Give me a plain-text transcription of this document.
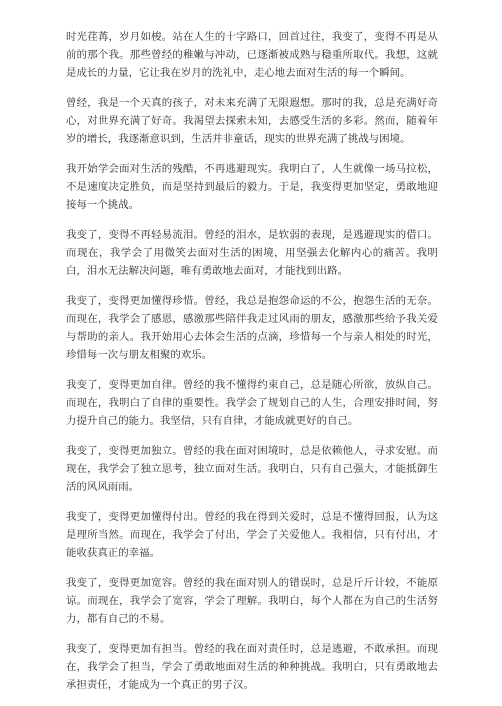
时光荏苒，岁月如梭。站在人生的十字路口，回首过往，我变了，变得不再是从前的那个我。那些曾经的稚嫩与冲动，已逐渐被成熟与稳重所取代。我想，这就是成长的力量，它让我在岁月的洗礼中，走心地去面对生活的每一个瞬间。

曾经，我是一个天真的孩子，对未来充满了无限遐想。那时的我，总是充满好奇心，对世界充满了好奇。我渴望去探索未知，去感受生活的多彩。然而，随着年岁的增长，我逐渐意识到，生活并非童话，现实的世界充满了挑战与困境。

我开始学会面对生活的残酷，不再逃避现实。我明白了，人生就像一场马拉松，不是速度决定胜负，而是坚持到最后的毅力。于是，我变得更加坚定，勇敢地迎接每一个挑战。

我变了，变得不再轻易流泪。曾经的泪水，是软弱的表现，是逃避现实的借口。而现在，我学会了用微笑去面对生活的困境，用坚强去化解内心的痛苦。我明白，泪水无法解决问题，唯有勇敢地去面对，才能找到出路。

我变了，变得更加懂得珍惜。曾经，我总是抱怨命运的不公，抱怨生活的无奈。而现在，我学会了感恩，感激那些陪伴我走过风雨的朋友，感激那些给予我关爱与帮助的亲人。我开始用心去体会生活的点滴，珍惜每一个与亲人相处的时光，珍惜每一次与朋友相聚的欢乐。

我变了，变得更加自律。曾经的我不懂得约束自己，总是随心所欲，放纵自己。而现在，我明白了自律的重要性。我学会了规划自己的人生，合理安排时间，努力提升自己的能力。我坚信，只有自律，才能成就更好的自己。

我变了，变得更加独立。曾经的我在面对困境时，总是依赖他人，寻求安慰。而现在，我学会了独立思考，独立面对生活。我明白，只有自己强大，才能抵御生活的风风雨雨。

我变了，变得更加懂得付出。曾经的我在得到关爱时，总是不懂得回报，认为这是理所当然。而现在，我学会了付出，学会了关爱他人。我相信，只有付出，才能收获真正的幸福。

我变了，变得更加宽容。曾经的我在面对别人的错误时，总是斤斤计较，不能原谅。而现在，我学会了宽容，学会了理解。我明白，每个人都在为自己的生活努力，都有自己的不易。

我变了，变得更加有担当。曾经的我在面对责任时，总是逃避，不敢承担。而现在，我学会了担当，学会了勇敢地面对生活的种种挑战。我明白，只有勇敢地去承担责任，才能成为一个真正的男子汉。
